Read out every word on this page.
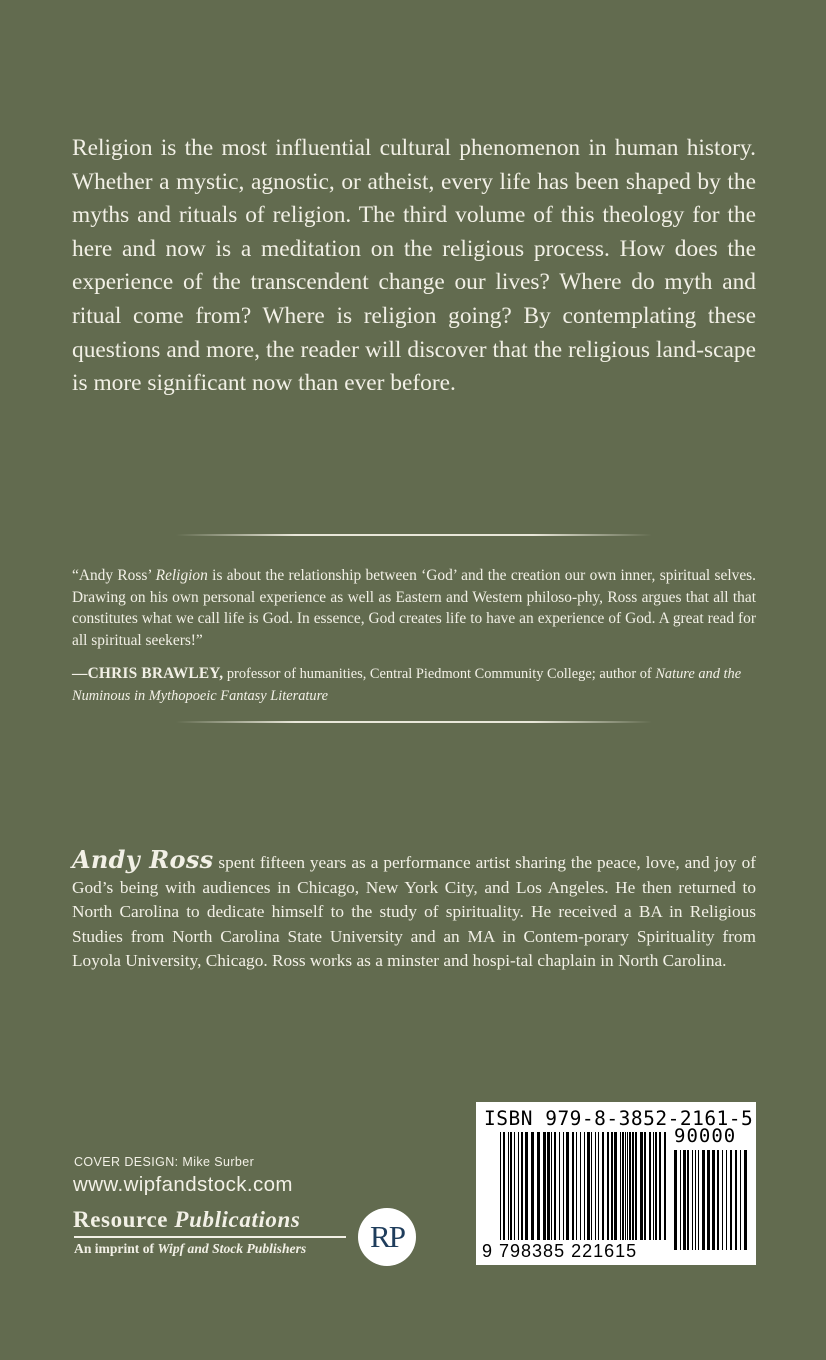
Religion is the most influential cultural phenomenon in human history. Whether a mystic, agnostic, or atheist, every life has been shaped by the myths and rituals of religion. The third volume of this theology for the here and now is a meditation on the religious process. How does the experience of the transcendent change our lives? Where do myth and ritual come from? Where is religion going? By contemplating these questions and more, the reader will discover that the religious land-scape is more significant now than ever before.

“Andy Ross’ Religion is about the relationship between ‘God’ and the creation our own inner, spiritual selves. Drawing on his own personal experience as well as Eastern and Western philoso-phy, Ross argues that all that constitutes what we call life is God. In essence, God creates life to have an experience of God. A great read for all spiritual seekers!”

—CHRIS BRAWLEY, professor of humanities, Central Piedmont Community College; author of Nature and the Numinous in Mythopoeic Fantasy Literature

Andy Ross spent fifteen years as a performance artist sharing the peace, love, and joy of God’s being with audiences in Chicago, New York City, and Los Angeles. He then returned to North Carolina to dedicate himself to the study of spirituality. He received a BA in Religious Studies from North Carolina State University and an MA in Contem-porary Spirituality from Loyola University, Chicago. Ross works as a minster and hospi-tal chaplain in North Carolina.

COVER DESIGN: Mike Surber
www.wipfandstock.com
Resource Publications
An imprint of Wipf and Stock Publishers	RP
ISBN 979-8-3852-2161-5
90000
9 798385 221615
